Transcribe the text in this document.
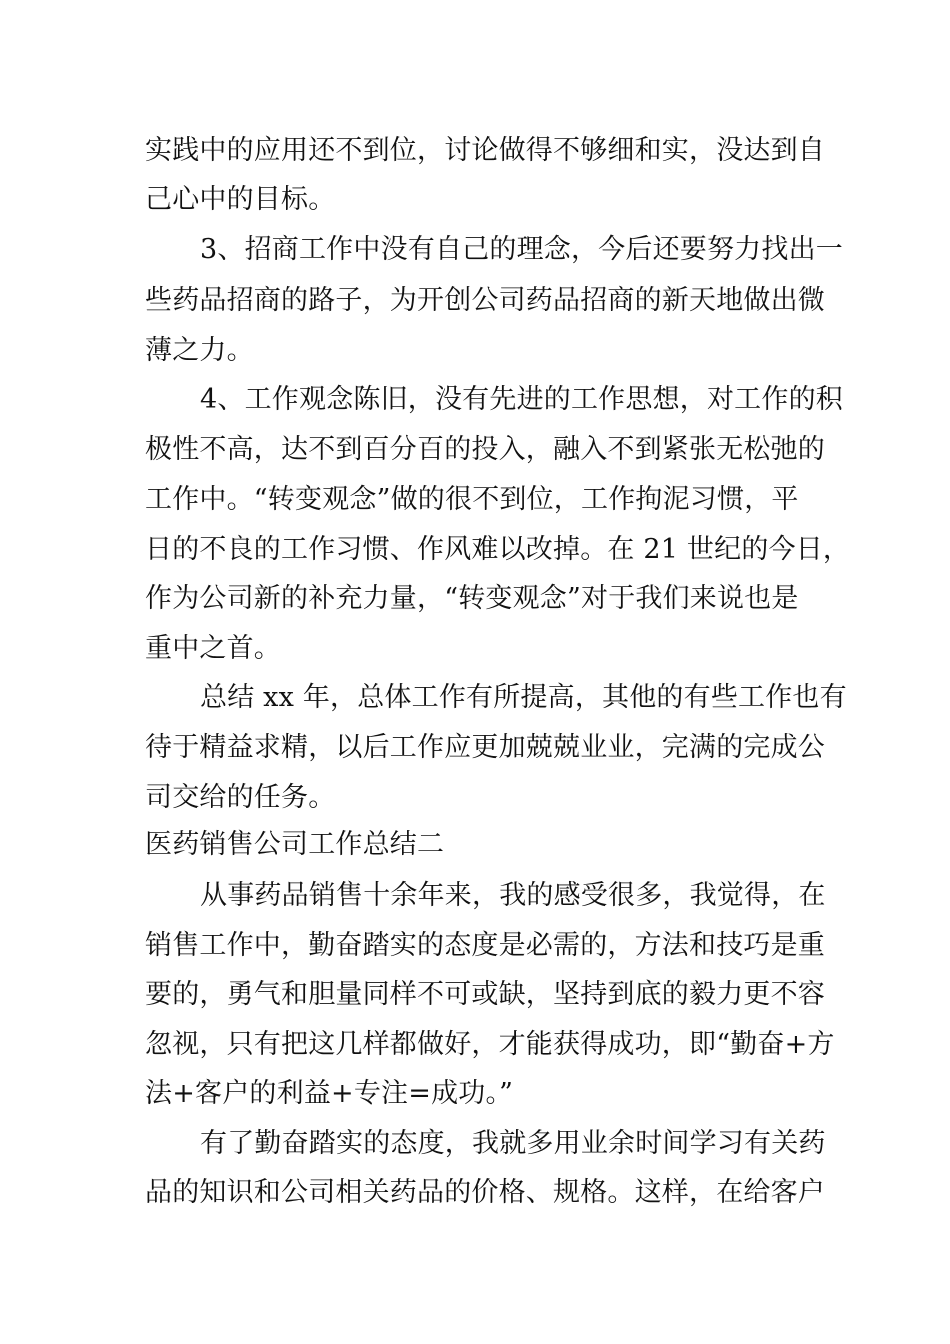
实践中的应用还不到位，讨论做得不够细和实，没达到自
己心中的目标。
3、招商工作中没有自己的理念，今后还要努力找出一
些药品招商的路子，为开创公司药品招商的新天地做出微
薄之力。
4、工作观念陈旧，没有先进的工作思想，对工作的积
极性不高，达不到百分百的投入，融入不到紧张无松弛的
工作中。“转变观念”做的很不到位，工作拘泥习惯，平
日的不良的工作习惯、作风难以改掉。在 21 世纪的今日，
作为公司新的补充力量，“转变观念”对于我们来说也是
重中之首。
总结 xx 年，总体工作有所提高，其他的有些工作也有
待于精益求精，以后工作应更加兢兢业业，完满的完成公
司交给的任务。
医药销售公司工作总结二
从事药品销售十余年来，我的感受很多，我觉得，在
销售工作中，勤奋踏实的态度是必需的，方法和技巧是重
要的，勇气和胆量同样不可或缺，坚持到底的毅力更不容
忽视，只有把这几样都做好，才能获得成功，即“勤奋+方
法+客户的利益+专注=成功。”
有了勤奋踏实的态度，我就多用业余时间学习有关药
品的知识和公司相关药品的价格、规格。这样，在给客户
